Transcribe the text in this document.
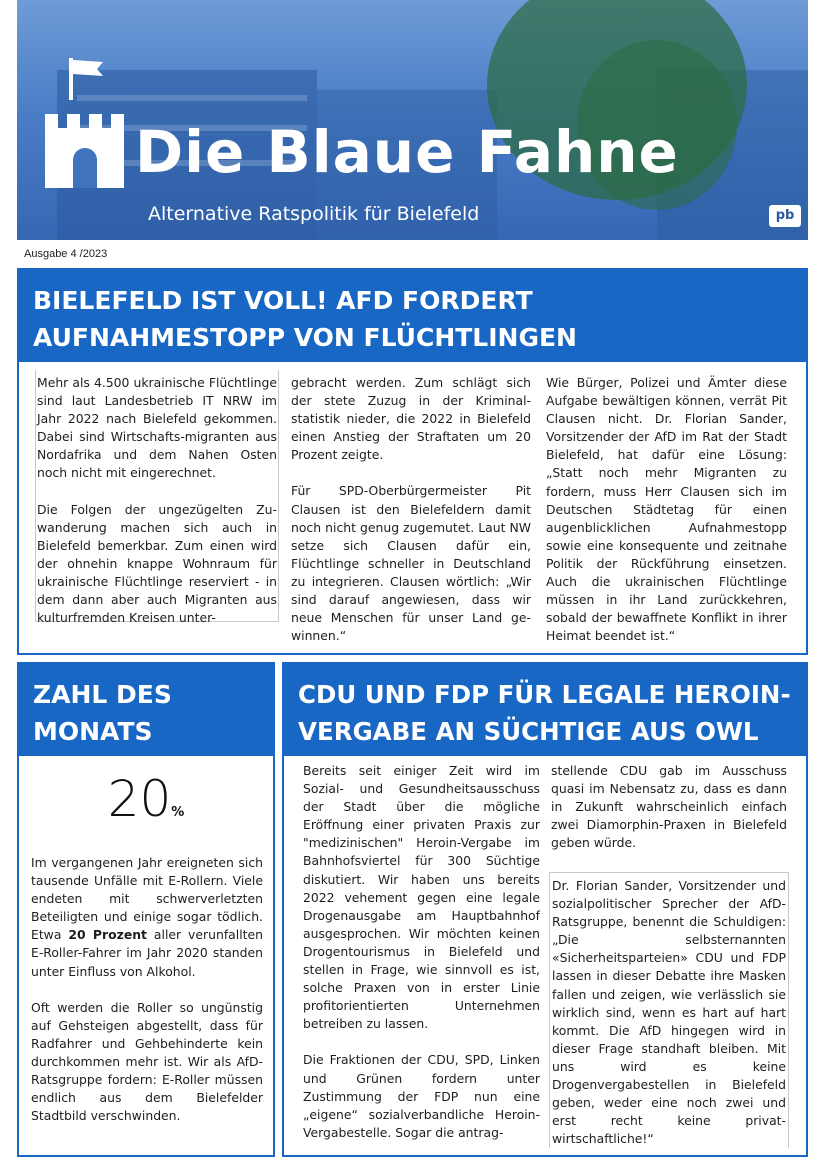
pb
Die Blaue Fahne
Alternative Ratspolitik für Bielefeld
Ausgabe 4 /2023
BIELEFELD IST VOLL! AFD FORDERT AUFNAHMESTOPP VON FLÜCHTLINGEN

Mehr als 4.500 ukrainische Flüchtlinge sind laut Landesbetrieb IT NRW im Jahr 2022 nach Bielefeld gekommen. Dabei sind Wirtschafts-migranten aus Nordafrika und dem Nahen Osten noch nicht mit eingerechnet.

Die Folgen der ungezügelten Zu-wanderung machen sich auch in Bielefeld bemerkbar. Zum einen wird der ohnehin knappe Wohnraum für ukrainische Flüchtlinge reserviert - in dem dann aber auch Migranten aus kulturfremden Kreisen unter-

gebracht werden. Zum schlägt sich der stete Zuzug in der Kriminal-statistik nieder, die 2022 in Bielefeld einen Anstieg der Straftaten um 20 Prozent zeigte.

Für SPD-Oberbürgermeister Pit Clausen ist den Bielefeldern damit noch nicht genug zugemutet. Laut NW setze sich Clausen dafür ein, Flüchtlinge schneller in Deutschland zu integrieren. Clausen wörtlich: „Wir sind darauf angewiesen, dass wir neue Menschen für unser Land ge-winnen.“

Wie Bürger, Polizei und Ämter diese Aufgabe bewältigen können, verrät Pit Clausen nicht. Dr. Florian Sander, Vorsitzender der AfD im Rat der Stadt Bielefeld, hat dafür eine Lösung: „Statt noch mehr Migranten zu fordern, muss Herr Clausen sich im Deutschen Städtetag für einen augenblicklichen Aufnahmestopp sowie eine konsequente und zeitnahe Politik der Rückführung einsetzen. Auch die ukrainischen Flüchtlinge müssen in ihr Land zurückkehren, sobald der bewaffnete Konflikt in ihrer Heimat beendet ist.“

ZAHL DES
MONATS
20%

Im vergangenen Jahr ereigneten sich tausende Unfälle mit E-Rollern. Viele endeten mit schwerverletzten Beteiligten und einige sogar tödlich. Etwa 20 Prozent aller verunfallten E-Roller-Fahrer im Jahr 2020 standen unter Einfluss von Alkohol.

Oft werden die Roller so ungünstig auf Gehsteigen abgestellt, dass für Radfahrer und Gehbehinderte kein durchkommen mehr ist. Wir als AfD-Ratsgruppe fordern: E-Roller müssen endlich aus dem Bielefelder Stadtbild verschwinden.

CDU UND FDP FÜR LEGALE HEROIN-
VERGABE AN SÜCHTIGE AUS OWL

Bereits seit einiger Zeit wird im Sozial- und Gesundheitsausschuss der Stadt über die mögliche Eröffnung einer privaten Praxis zur "medizinischen" Heroin-Vergabe im Bahnhofsviertel für 300 Süchtige diskutiert. Wir haben uns bereits 2022 vehement gegen eine legale Drogenausgabe am Hauptbahnhof ausgesprochen. Wir möchten keinen Drogentourismus in Bielefeld und stellen in Frage, wie sinnvoll es ist, solche Praxen von in erster Linie profitorientierten Unternehmen betreiben zu lassen.

Die Fraktionen der CDU, SPD, Linken und Grünen fordern unter Zustimmung der FDP nun eine „eigene“ sozialverbandliche Heroin-Vergabestelle. Sogar die antrag-

stellende CDU gab im Ausschuss quasi im Nebensatz zu, dass es dann in Zukunft wahrscheinlich einfach zwei Diamorphin-Praxen in Bielefeld geben würde.

Dr. Florian Sander, Vorsitzender und sozialpolitischer Sprecher der AfD-Ratsgruppe, benennt die Schuldigen: „Die selbsternannten «Sicherheitsparteien» CDU und FDP lassen in dieser Debatte ihre Masken fallen und zeigen, wie verlässlich sie wirklich sind, wenn es hart auf hart kommt. Die AfD hingegen wird in dieser Frage standhaft bleiben. Mit uns wird es keine Drogenvergabestellen in Bielefeld geben, weder eine noch zwei und erst recht keine privat-wirtschaftliche!“
